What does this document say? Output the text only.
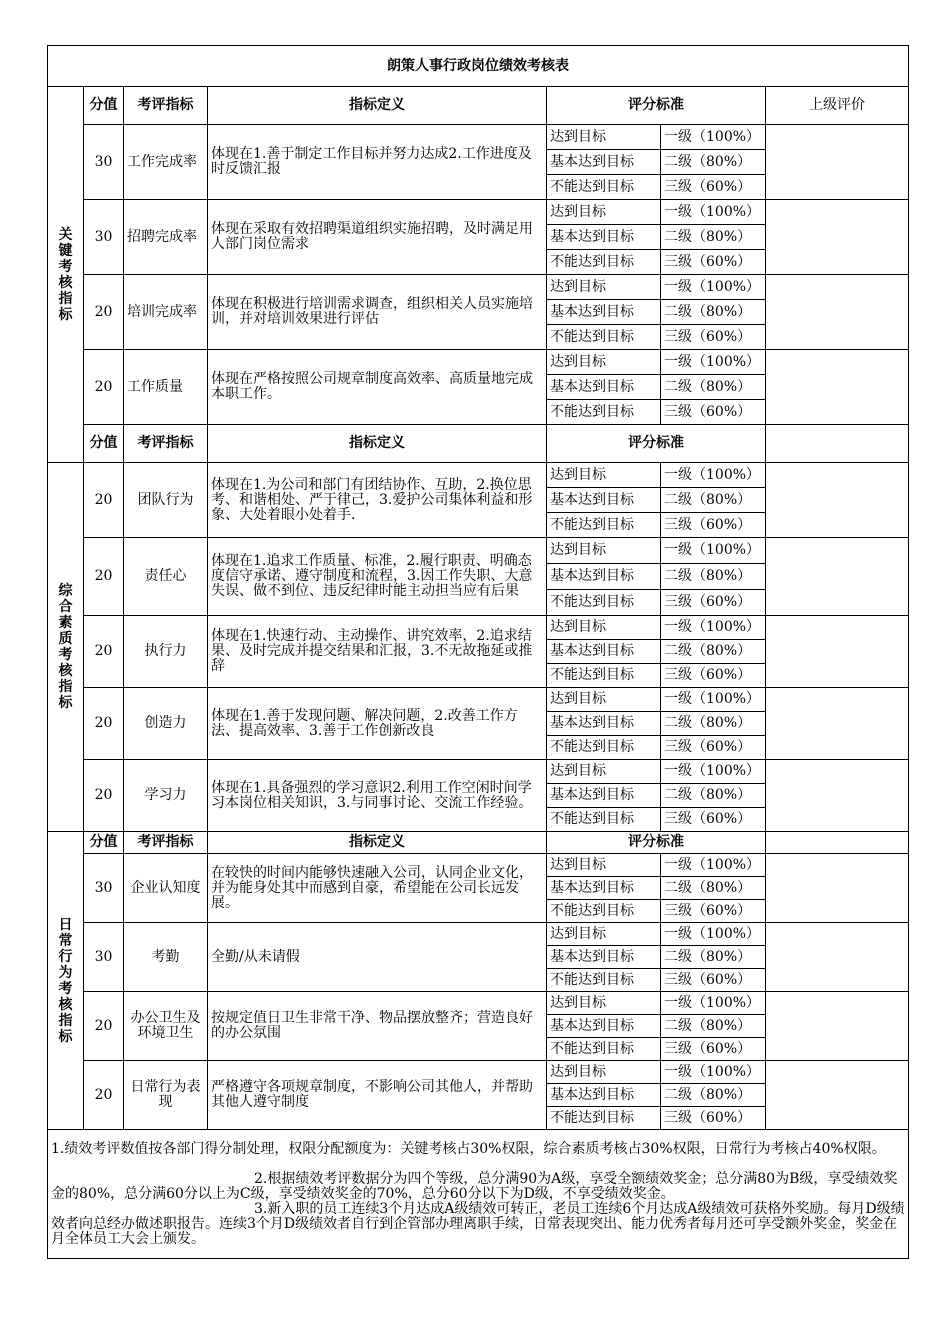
朗策人事行政岗位绩效考核表						
关键考核指标	分值	考评指标	指标定义	评分标准		上级评价
	30	工作完成率	体现在1.善于制定工作目标并努力达成2.工作进度及时反馈汇报	达到目标	一级（100%）	
				基本达到目标	二级（80%）	
				不能达到目标	三级（60%）	
	30	招聘完成率	体现在采取有效招聘渠道组织实施招聘，及时满足用人部门岗位需求	达到目标	一级（100%）	
				基本达到目标	二级（80%）	
				不能达到目标	三级（60%）	
	20	培训完成率	体现在积极进行培训需求调查，组织相关人员实施培训，并对培训效果进行评估	达到目标	一级（100%）	
				基本达到目标	二级（80%）	
				不能达到目标	三级（60%）	
	20	工作质量	体现在严格按照公司规章制度高效率、高质量地完成本职工作。	达到目标	一级（100%）	
				基本达到目标	二级（80%）	
				不能达到目标	三级（60%）	
	分值	考评指标	指标定义	评分标准		
综合素质考核指标	20	团队行为	体现在1.为公司和部门有团结协作、互助，2.换位思考、和谐相处、严于律己，3.爱护公司集体利益和形象、大处着眼小处着手.	达到目标	一级（100%）	
				基本达到目标	二级（80%）	
				不能达到目标	三级（60%）	
	20	责任心	体现在1.追求工作质量、标准，2.履行职责、明确态度信守承诺、遵守制度和流程，3.因工作失职、大意失误、做不到位、违反纪律时能主动担当应有后果	达到目标	一级（100%）	
				基本达到目标	二级（80%）	
				不能达到目标	三级（60%）	
	20	执行力	体现在1.快速行动、主动操作、讲究效率，2.追求结果、及时完成并提交结果和汇报，3.不无故拖延或推辞	达到目标	一级（100%）	
				基本达到目标	二级（80%）	
				不能达到目标	三级（60%）	
	20	创造力	体现在1.善于发现问题、解决问题，2.改善工作方法、提高效率、3.善于工作创新改良	达到目标	一级（100%）	
				基本达到目标	二级（80%）	
				不能达到目标	三级（60%）	
	20	学习力	体现在1.具备强烈的学习意识2.利用工作空闲时间学习本岗位相关知识，3.与同事讨论、交流工作经验。	达到目标	一级（100%）	
				基本达到目标	二级（80%）	
				不能达到目标	三级（60%）	
日常行为考核指标	分值	考评指标	指标定义	评分标准		
	30	企业认知度	在较快的时间内能够快速融入公司，认同企业文化，并为能身处其中而感到自豪，希望能在公司长远发展。	达到目标	一级（100%）	
				基本达到目标	二级（80%）	
				不能达到目标	三级（60%）	
	30	考勤	全勤/从未请假	达到目标	一级（100%）	
				基本达到目标	二级（80%）	
				不能达到目标	三级（60%）	
	20	办公卫生及环境卫生	按规定值日卫生非常干净、物品摆放整齐；营造良好的办公氛围	达到目标	一级（100%）	
				基本达到目标	二级（80%）	
				不能达到目标	三级（60%）	
	20	日常行为表现	严格遵守各项规章制度，不影响公司其他人，并帮助其他人遵守制度	达到目标	一级（100%）	
				基本达到目标	二级（80%）	
				不能达到目标	三级（60%）	

1.绩效考评数值按各部门得分制处理，权限分配额度为：关键考核占30%权限，综合素质考核占30%权限，日常行为考核占40%权限。

2.根据绩效考评数据分为四个等级，总分满90为A级，享受全额绩效奖金；总分满80为B级，享受绩效奖金的80%，总分满60分以上为C级，享受绩效奖金的70%，总分60分以下为D级，不享受绩效奖金。

3.新入职的员工连续3个月达成A级绩效可转正，老员工连续6个月达成A级绩效可获格外奖励。每月D级绩效者向总经办做述职报告。连续3个月D级绩效者自行到企管部办理离职手续，日常表现突出、能力优秀者每月还可享受额外奖金，奖金在月全体员工大会上颁发。						
